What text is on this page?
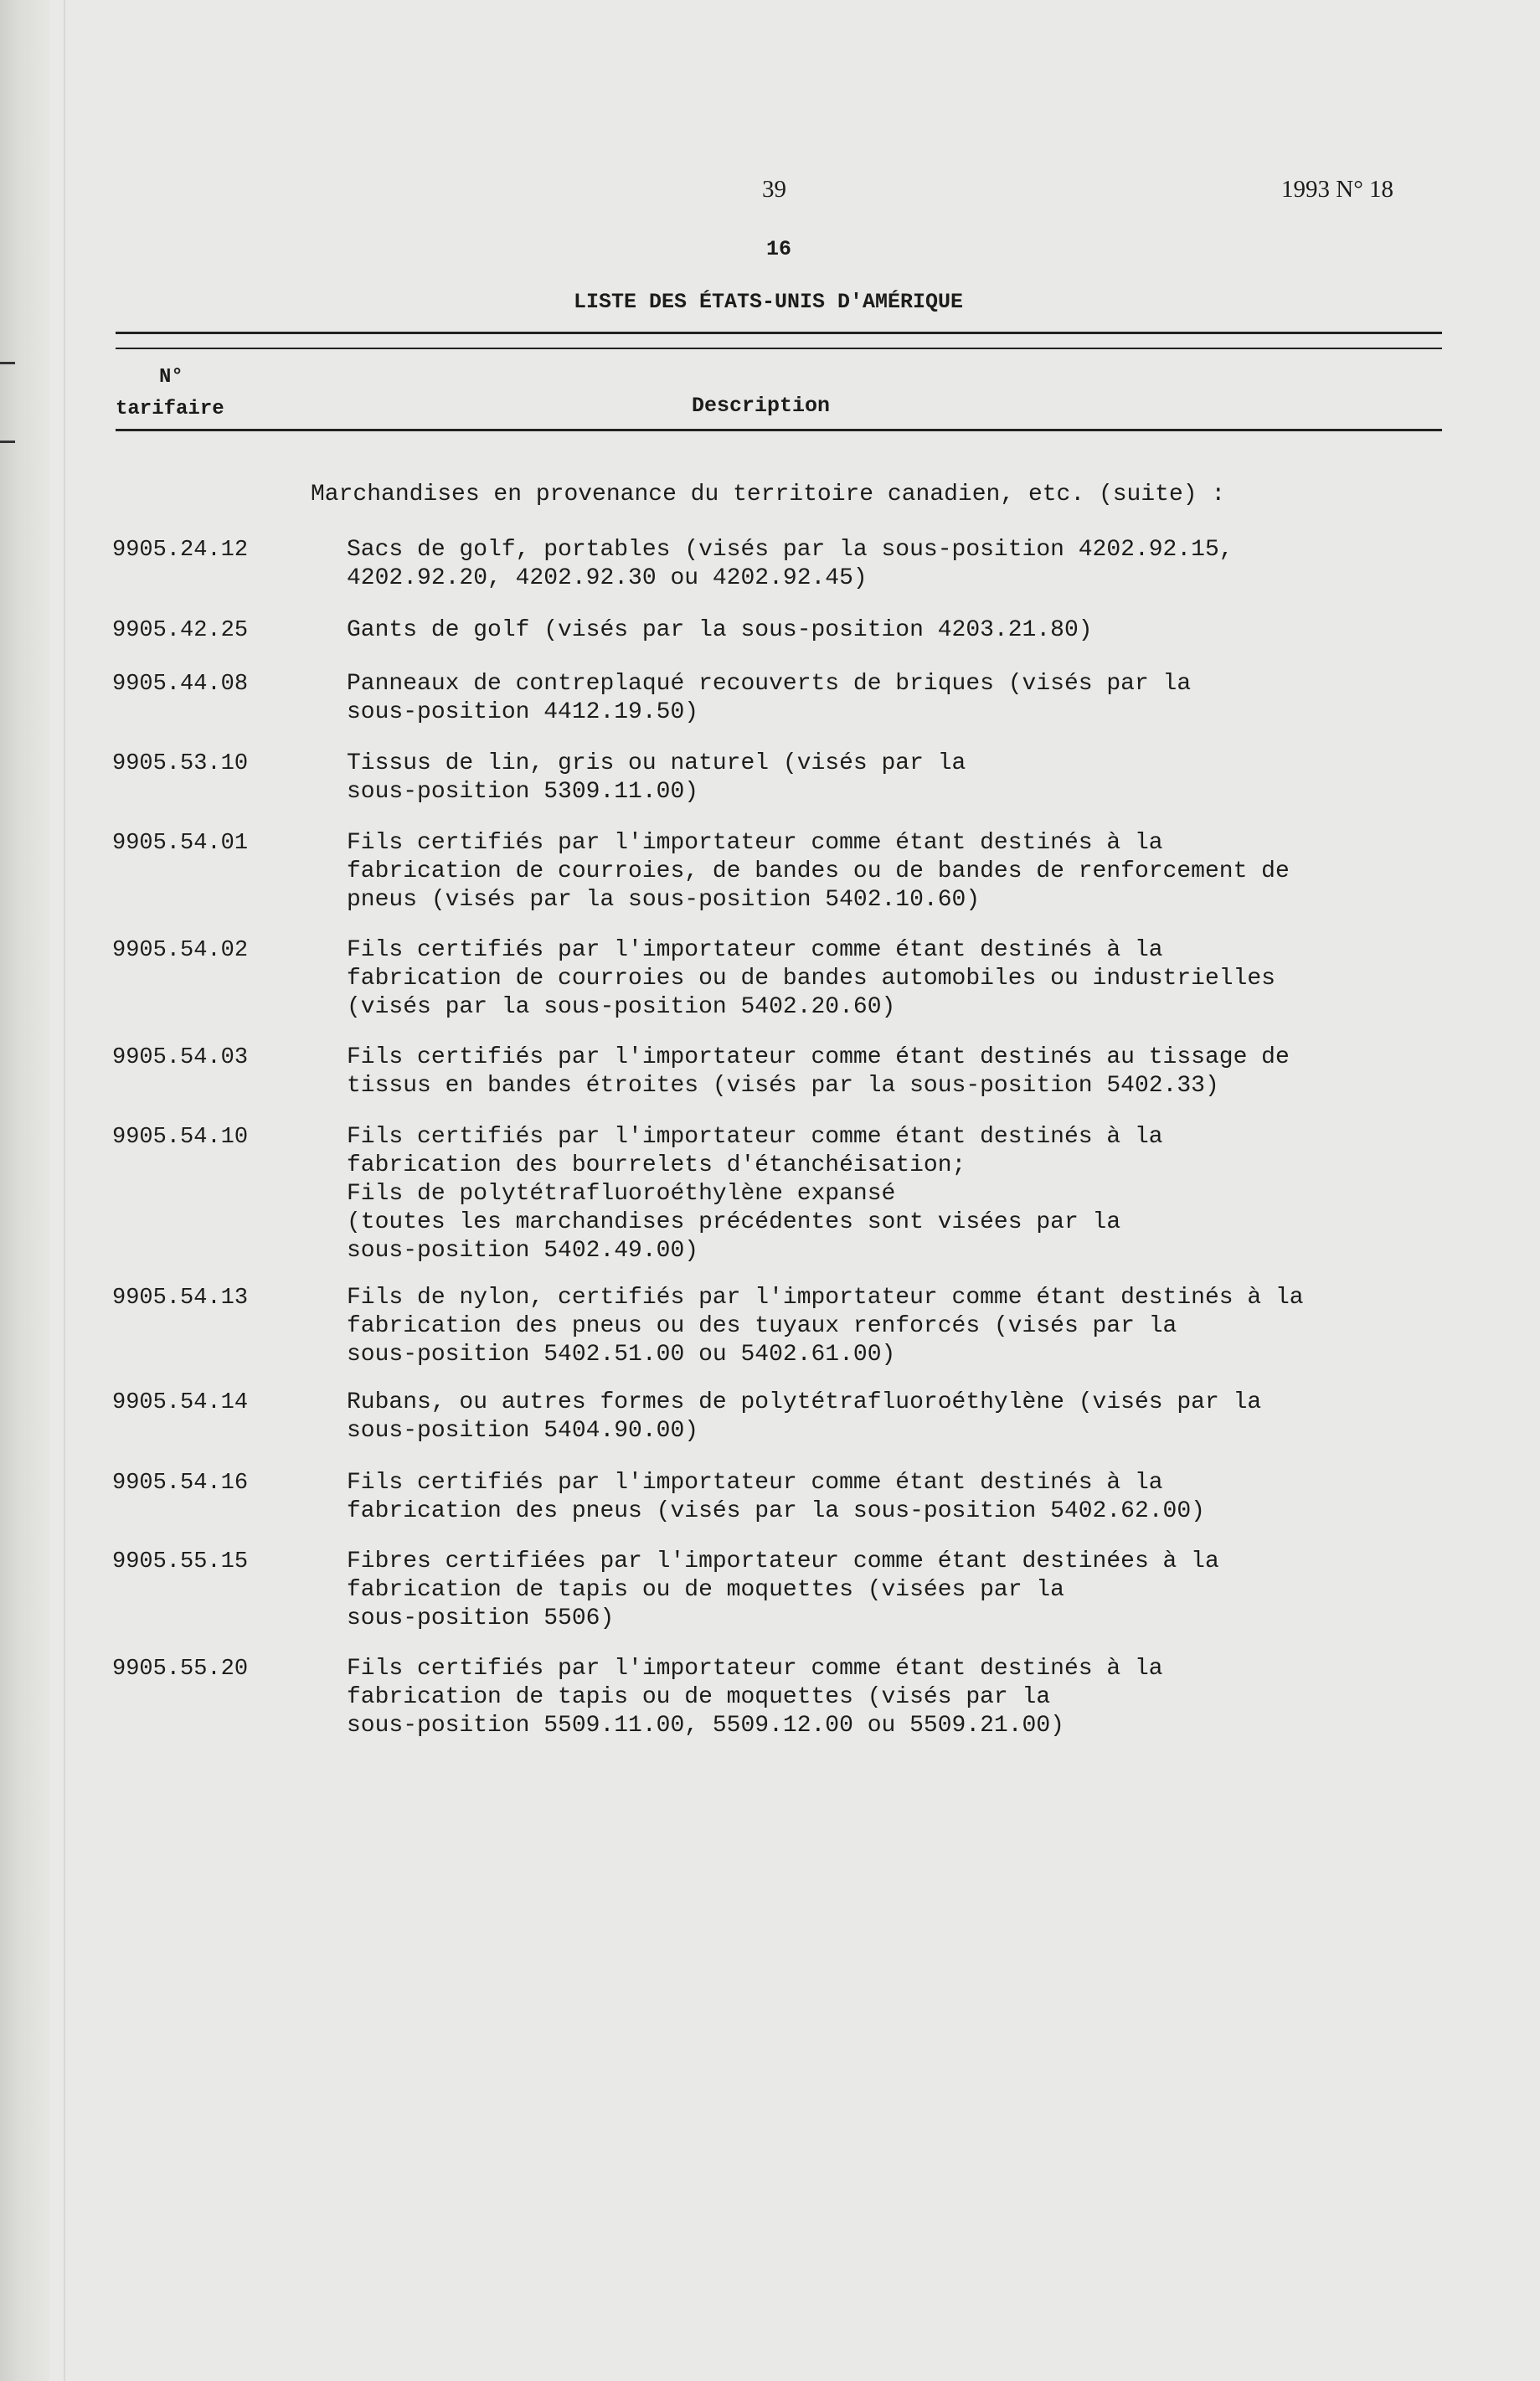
39	1993 N° 18
16
LISTE DES ÉTATS-UNIS D'AMÉRIQUE
N°
tarifaire	Description
Marchandises en provenance du territoire canadien, etc. (suite) :
9905.24.12	Sacs de golf, portables (visés par la sous-position 4202.92.15,
4202.92.20, 4202.92.30 ou 4202.92.45)
9905.42.25	Gants de golf (visés par la sous-position 4203.21.80)
9905.44.08	Panneaux de contreplaqué recouverts de briques (visés par la
sous-position 4412.19.50)
9905.53.10	Tissus de lin, gris ou naturel (visés par la
sous-position 5309.11.00)
9905.54.01	Fils certifiés par l'importateur comme étant destinés à la
fabrication de courroies, de bandes ou de bandes de renforcement de
pneus (visés par la sous-position 5402.10.60)
9905.54.02	Fils certifiés par l'importateur comme étant destinés à la
fabrication de courroies ou de bandes automobiles ou industrielles
(visés par la sous-position 5402.20.60)
9905.54.03	Fils certifiés par l'importateur comme étant destinés au tissage de
tissus en bandes étroites (visés par la sous-position 5402.33)
9905.54.10	Fils certifiés par l'importateur comme étant destinés à la
fabrication des bourrelets d'étanchéisation;
Fils de polytétrafluoroéthylène expansé
(toutes les marchandises précédentes sont visées par la
sous-position 5402.49.00)
9905.54.13	Fils de nylon, certifiés par l'importateur comme étant destinés à la
fabrication des pneus ou des tuyaux renforcés (visés par la
sous-position 5402.51.00 ou 5402.61.00)
9905.54.14	Rubans, ou autres formes de polytétrafluoroéthylène (visés par la
sous-position 5404.90.00)
9905.54.16	Fils certifiés par l'importateur comme étant destinés à la
fabrication des pneus (visés par la sous-position 5402.62.00)
9905.55.15	Fibres certifiées par l'importateur comme étant destinées à la
fabrication de tapis ou de moquettes (visées par la
sous-position 5506)
9905.55.20	Fils certifiés par l'importateur comme étant destinés à la
fabrication de tapis ou de moquettes (visés par la
sous-position 5509.11.00, 5509.12.00 ou 5509.21.00)
